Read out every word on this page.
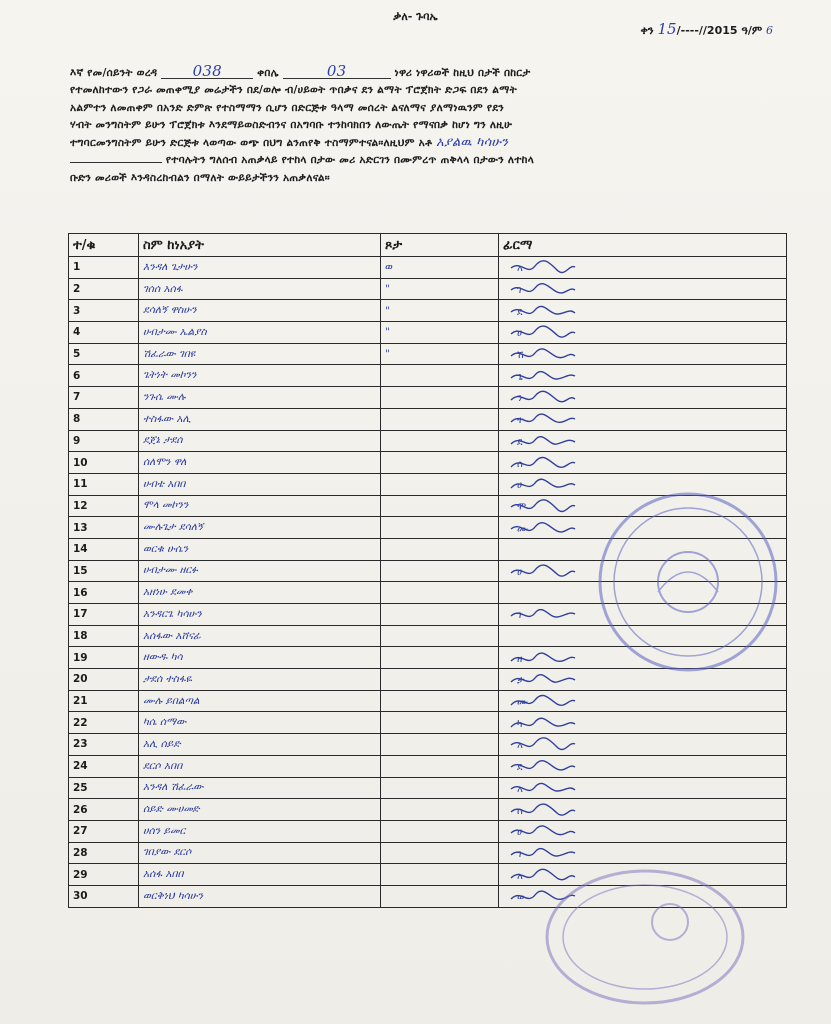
ቃለ- ጉባኤ
ቀን 15/----//2015 ዓ/ም 6
እኛ የመ/ሰይንት ወረዳ 038	ቀበሌ	03	ነዋሪ ነዋሪወች ከዚህ በታች በከርታ
የተመለከተውን የጋራ መጠቀሚያ መሬታችን በደ/ወሎ ብ/ሀይወት ጥበቃና ደን ልማት ፕሮጀክት ድጋፍ በደን ልማት
አልምተን ለመጠቀም በአንድ ድምጽ የተስማማን ሲሆን በድርጅቱ ዓላማ መሰረት ልናለማና ያለማነዉንም የደን
ሃብት መንግስትም ይሁን ፕሮጀክቱ እንደማይወስድብንና በአግባቡ ተንከባክበን ለውጤት የማናበቃ ከሆነ ግን ለዚሁ
ተግባርመንግስትም ይሁን ድርጅቱ ላወጣው ወጭ በህግ ልንጠየቅ ተስማምተናል።ለዚህም አቶ አያልዉ ካሳሁን
የተባሉትን ግለሰብ አጠቃላይ የተከላ በታው መሪ አድርገን በሙምረጥ ጠቅላላ በታውን ለተከላ
ቡድን መሪወች እንዳስረከብልን በማለት ውይይታችንን አጠቃለናል።
ተ/ቁ	ስም ከነአያት	ጾታ	ፊርማ
1	እንዳለ ጌታሁን	ወ	አ

2	ገሰሰ አሰፋ	"	ገ

3	ደሳለኝ ዋስሁን	"	ደ

4	ሀብታሙ ኤልያስ	"	ሀ

5	ሽፈራው ገበዩ	"	ሽ

6	ጌትነት መኮንን		ጌ

7	ንጉሴ ሙሉ		ን

8	ተስፋው አሊ		ተ

9	ደጀኔ ታደሰ		ደ

10	ሰለሞን ዋለ		ሰ

11	ሀብቴ አበበ		ሀ

12	ሞላ መኮንን		ሞ

13	ሙሉጌታ ደሳለኝ		ሙ

14	ወርቁ ሁሴን		
15	ሀብታሙ ዘርፉ		ሀ

16	አዘነሁ ደመቀ		
17	አንዳርጌ ካሳሁን		ገ

18	አሰፋው አሸናፊ		
19	ዘውዱ ካሳ		ዘ

20	ታደሰ ተስፋዬ		ታ

21	ሙሉ ይበልጣል		ሙ

22	ካሴ ሰማው		ካ

23	አሊ ሰይድ		አ

24	ደርሶ አበበ		ደ

25	አንዳለ ሽፈራው		አ

26	ሰይድ ሙሀመድ		ሰ

27	ሀሰን ይመር		ሀ

28	ገበያው ደርሶ		ገ

29	አሰፋ አበበ		አ

30	ወርቅነህ ካሳሁን		ወ
